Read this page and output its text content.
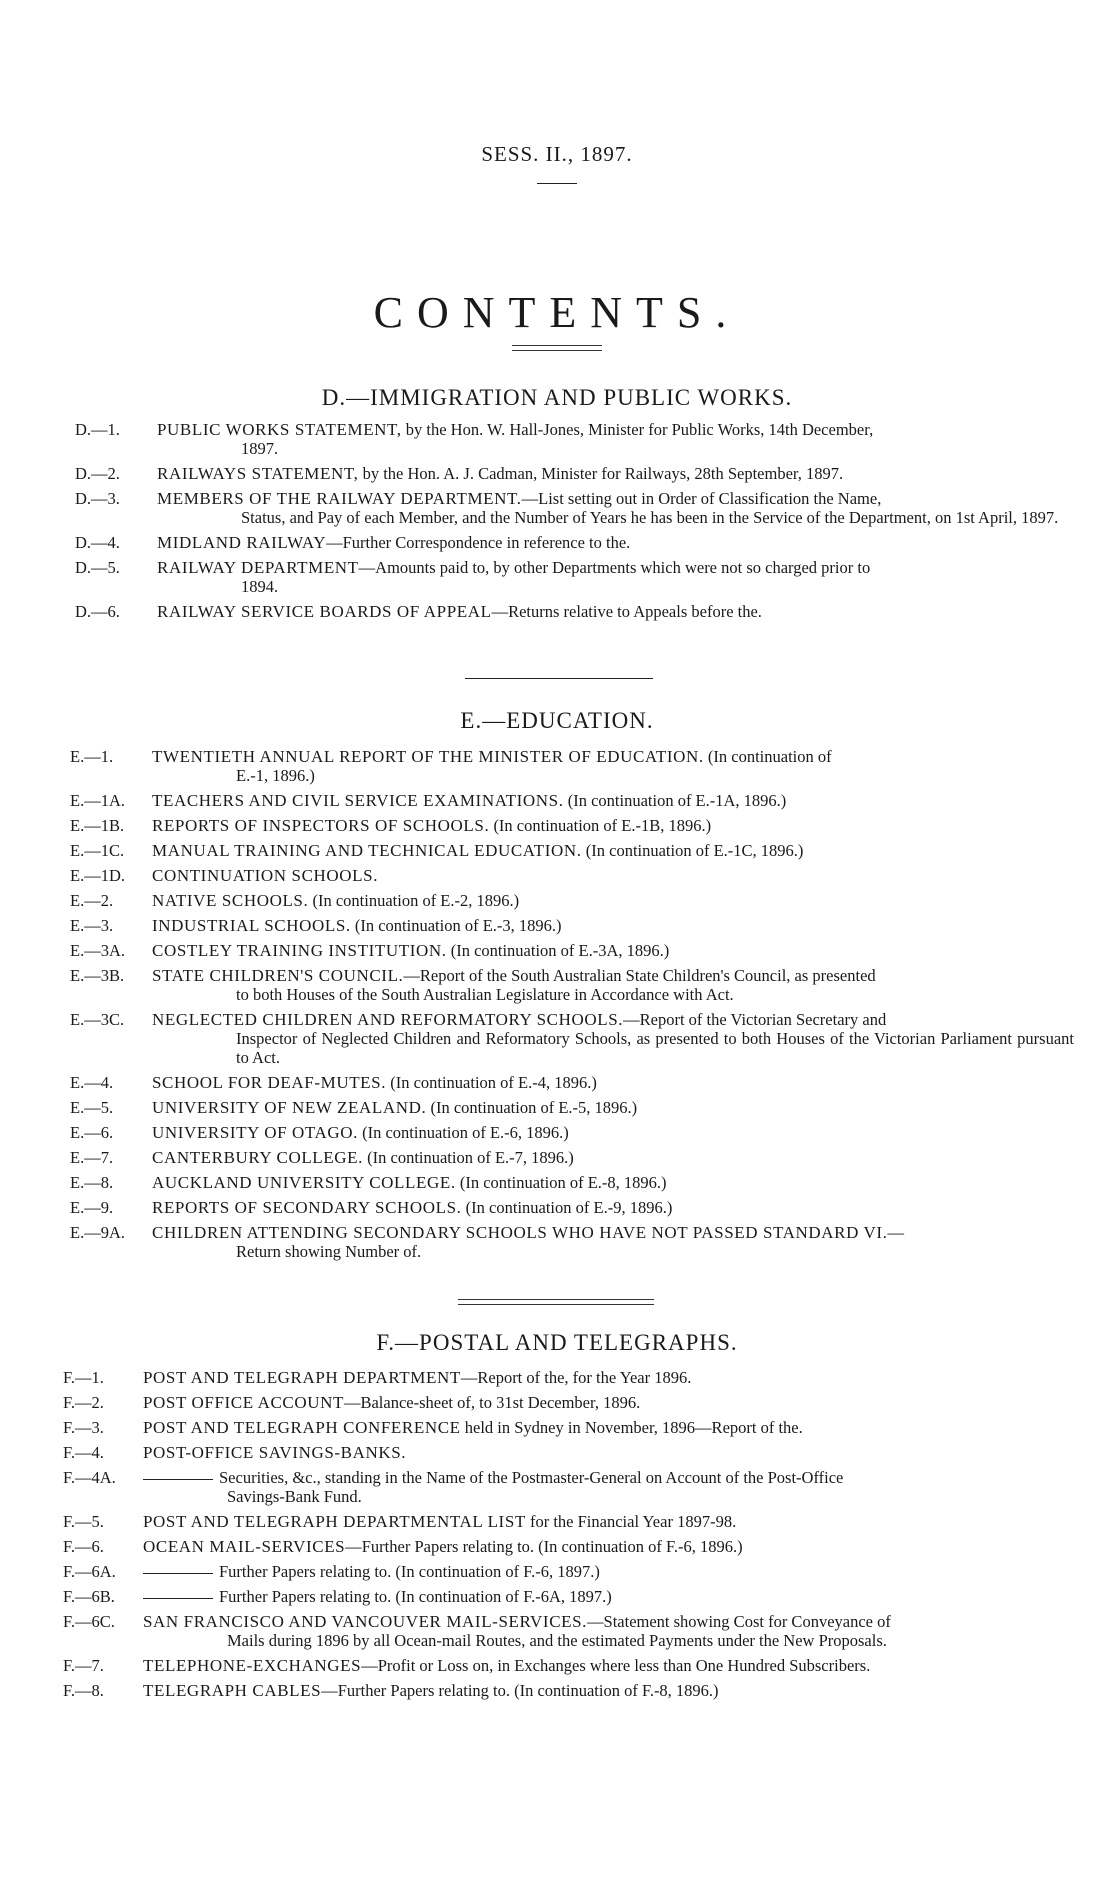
SESS. II., 1897.
CONTENTS.
D.—IMMIGRATION AND PUBLIC WORKS.
D.—1.	PUBLIC WORKS STATEMENT, by the Hon. W. Hall-Jones, Minister for Public Works, 14th December,
1897.
D.—2.	RAILWAYS STATEMENT, by the Hon. A. J. Cadman, Minister for Railways, 28th September, 1897.
D.—3.	MEMBERS OF THE RAILWAY DEPARTMENT.—List setting out in Order of Classification the Name,
Status, and Pay of each Member, and the Number of Years he has been in the Service of the Department, on 1st April, 1897.
D.—4.	MIDLAND RAILWAY—Further Correspondence in reference to the.
D.—5.	RAILWAY DEPARTMENT—Amounts paid to, by other Departments which were not so charged prior to
1894.
D.—6.	RAILWAY SERVICE BOARDS OF APPEAL—Returns relative to Appeals before the.
E.—EDUCATION.
E.—1.	TWENTIETH ANNUAL REPORT OF THE MINISTER OF EDUCATION. (In continuation of
E.-1, 1896.)
E.—1A.	TEACHERS AND CIVIL SERVICE EXAMINATIONS. (In continuation of E.-1A, 1896.)
E.—1B.	REPORTS OF INSPECTORS OF SCHOOLS. (In continuation of E.-1B, 1896.)
E.—1C.	MANUAL TRAINING AND TECHNICAL EDUCATION. (In continuation of E.-1C, 1896.)
E.—1D.	CONTINUATION SCHOOLS.
E.—2.	NATIVE SCHOOLS. (In continuation of E.-2, 1896.)
E.—3.	INDUSTRIAL SCHOOLS. (In continuation of E.-3, 1896.)
E.—3A.	COSTLEY TRAINING INSTITUTION. (In continuation of E.-3A, 1896.)
E.—3B.	STATE CHILDREN'S COUNCIL.—Report of the South Australian State Children's Council, as presented
to both Houses of the South Australian Legislature in Accordance with Act.
E.—3C.	NEGLECTED CHILDREN AND REFORMATORY SCHOOLS.—Report of the Victorian Secretary and
Inspector of Neglected Children and Reformatory Schools, as presented to both Houses of the Victorian Parliament pursuant to Act.
E.—4.	SCHOOL FOR DEAF-MUTES. (In continuation of E.-4, 1896.)
E.—5.	UNIVERSITY OF NEW ZEALAND. (In continuation of E.-5, 1896.)
E.—6.	UNIVERSITY OF OTAGO. (In continuation of E.-6, 1896.)
E.—7.	CANTERBURY COLLEGE. (In continuation of E.-7, 1896.)
E.—8.	AUCKLAND UNIVERSITY COLLEGE. (In continuation of E.-8, 1896.)
E.—9.	REPORTS OF SECONDARY SCHOOLS. (In continuation of E.-9, 1896.)
E.—9A.	CHILDREN ATTENDING SECONDARY SCHOOLS WHO HAVE NOT PASSED STANDARD VI.—
Return showing Number of.
F.—POSTAL AND TELEGRAPHS.
F.—1.	POST AND TELEGRAPH DEPARTMENT—Report of the, for the Year 1896.
F.—2.	POST OFFICE ACCOUNT—Balance-sheet of, to 31st December, 1896.
F.—3.	POST AND TELEGRAPH CONFERENCE held in Sydney in November, 1896—Report of the.
F.—4.	POST-OFFICE SAVINGS-BANKS.
F.—4A.	Securities, &c., standing in the Name of the Postmaster-General on Account of the Post-Office
Savings-Bank Fund.
F.—5.	POST AND TELEGRAPH DEPARTMENTAL LIST for the Financial Year 1897-98.
F.—6.	OCEAN MAIL-SERVICES—Further Papers relating to. (In continuation of F.-6, 1896.)
F.—6A.	Further Papers relating to. (In continuation of F.-6, 1897.)
F.—6B.	Further Papers relating to. (In continuation of F.-6A, 1897.)
F.—6C.	SAN FRANCISCO AND VANCOUVER MAIL-SERVICES.—Statement showing Cost for Conveyance of
Mails during 1896 by all Ocean-mail Routes, and the estimated Payments under the New Proposals.
F.—7.	TELEPHONE-EXCHANGES—Profit or Loss on, in Exchanges where less than One Hundred Subscribers.
F.—8.	TELEGRAPH CABLES—Further Papers relating to. (In continuation of F.-8, 1896.)
